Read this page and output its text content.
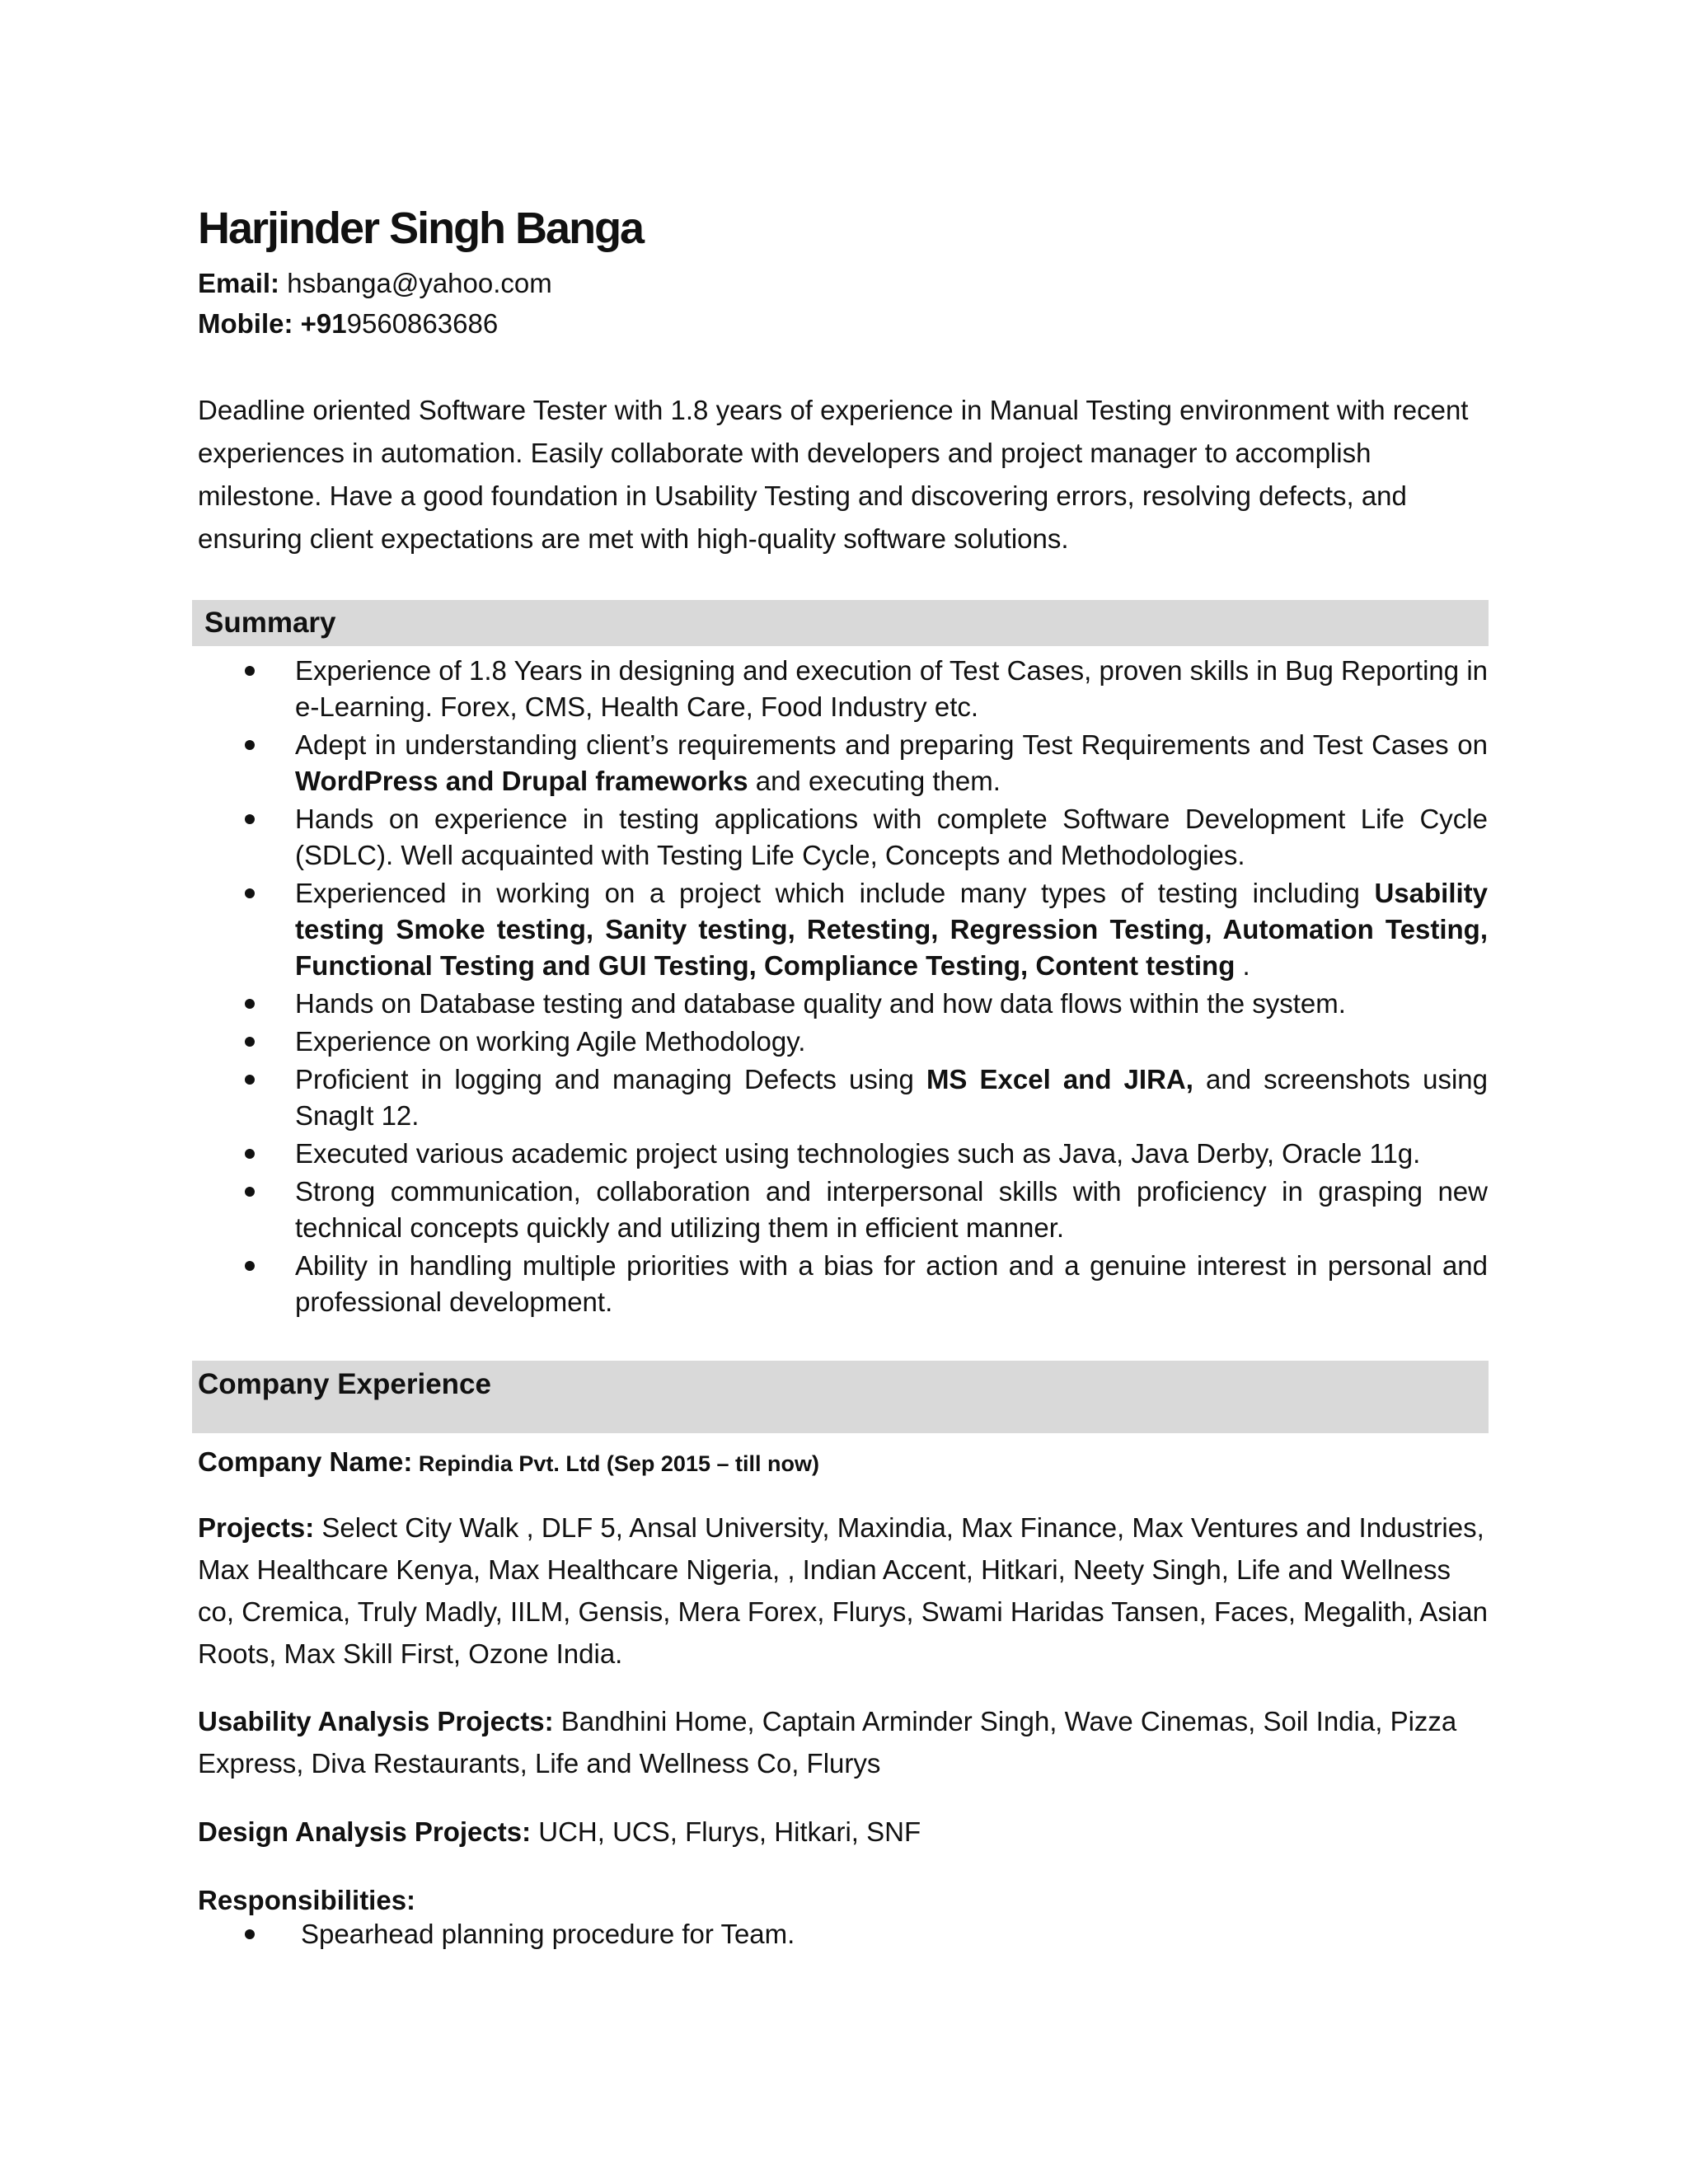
Harjinder Singh Banga
Email: hsbanga@yahoo.com
Mobile: +919560863686

Deadline oriented Software Tester with 1.8 years of experience in Manual Testing environment with recent experiences in automation. Easily collaborate with developers and project manager to accomplish milestone. Have a good foundation in Usability Testing and discovering errors, resolving defects, and ensuring client expectations are met with high-quality software solutions.

Summary
Experience of 1.8 Years in designing and execution of Test Cases, proven skills in Bug Reporting in e-Learning. Forex, CMS, Health Care, Food Industry etc.
Adept in understanding client’s requirements and preparing Test Requirements and Test Cases on WordPress and Drupal frameworks and executing them.
Hands on experience in testing applications with complete Software Development Life Cycle (SDLC). Well acquainted with Testing Life Cycle, Concepts and Methodologies.
Experienced in working on a project which include many types of testing including Usability testing Smoke testing, Sanity testing, Retesting, Regression Testing, Automation Testing, Functional Testing and GUI Testing, Compliance Testing, Content testing .
Hands on Database testing and database quality and how data flows within the system.
Experience on working Agile Methodology.
Proficient in logging and managing Defects using MS Excel and JIRA, and screenshots using SnagIt 12.
Executed various academic project using technologies such as Java, Java Derby, Oracle 11g.
Strong communication, collaboration and interpersonal skills with proficiency in grasping new technical concepts quickly and utilizing them in efficient manner.
Ability in handling multiple priorities with a bias for action and a genuine interest in personal and professional development.
Company Experience

Company Name: Repindia Pvt. Ltd (Sep 2015 – till now)

Projects: Select City Walk , DLF 5, Ansal University, Maxindia, Max Finance, Max Ventures and Industries, Max Healthcare Kenya, Max Healthcare Nigeria, , Indian Accent, Hitkari, Neety Singh, Life and Wellness co, Cremica, Truly Madly, IILM, Gensis, Mera Forex, Flurys, Swami Haridas Tansen, Faces, Megalith, Asian Roots, Max Skill First, Ozone India.

Usability Analysis Projects: Bandhini Home, Captain Arminder Singh, Wave Cinemas, Soil India, Pizza Express, Diva Restaurants, Life and Wellness Co, Flurys

Design Analysis Projects: UCH, UCS, Flurys, Hitkari, SNF

Responsibilities:

Spearhead planning procedure for Team.
